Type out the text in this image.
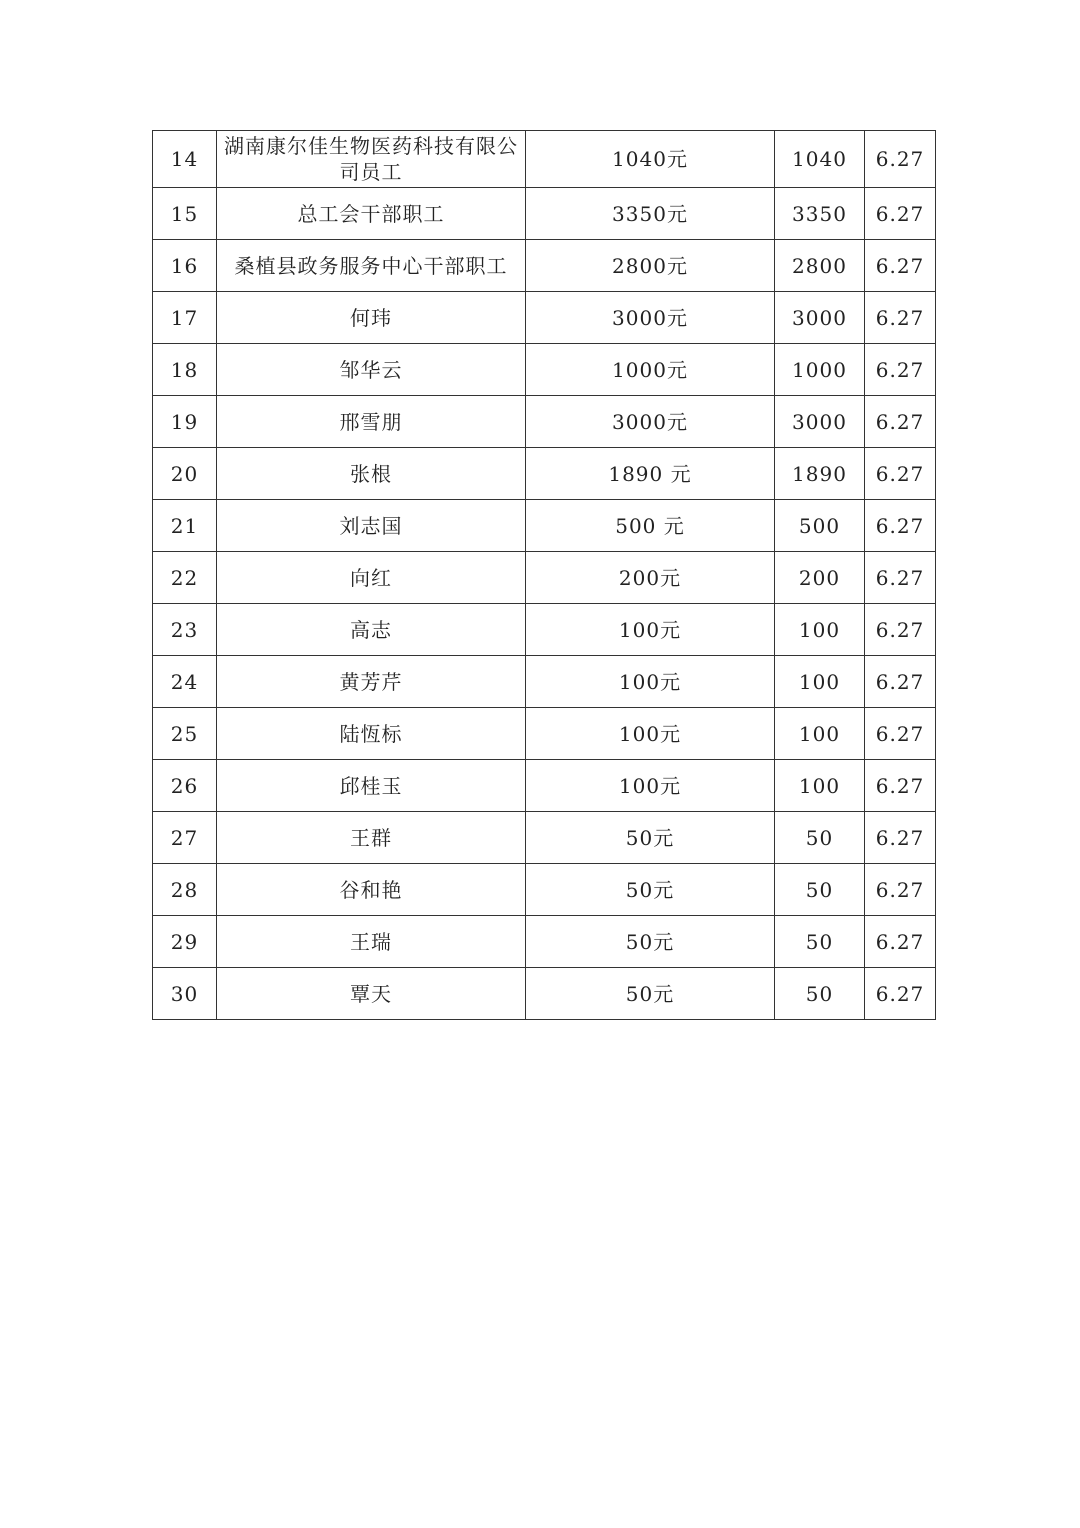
14	湖南康尔佳生物医药科技有限公司员工	1040元	1040	6.27
15	总工会干部职工	3350元	3350	6.27
16	桑植县政务服务中心干部职工	2800元	2800	6.27
17	何玮	3000元	3000	6.27
18	邹华云	1000元	1000	6.27
19	邢雪朋	3000元	3000	6.27
20	张根	1890 元	1890	6.27
21	刘志国	500 元	500	6.27
22	向红	200元	200	6.27
23	高志	100元	100	6.27
24	黄芳芹	100元	100	6.27
25	陆恆标	100元	100	6.27
26	邱桂玉	100元	100	6.27
27	王群	50元	50	6.27
28	谷和艳	50元	50	6.27
29	王瑞	50元	50	6.27
30	覃天	50元	50	6.27
